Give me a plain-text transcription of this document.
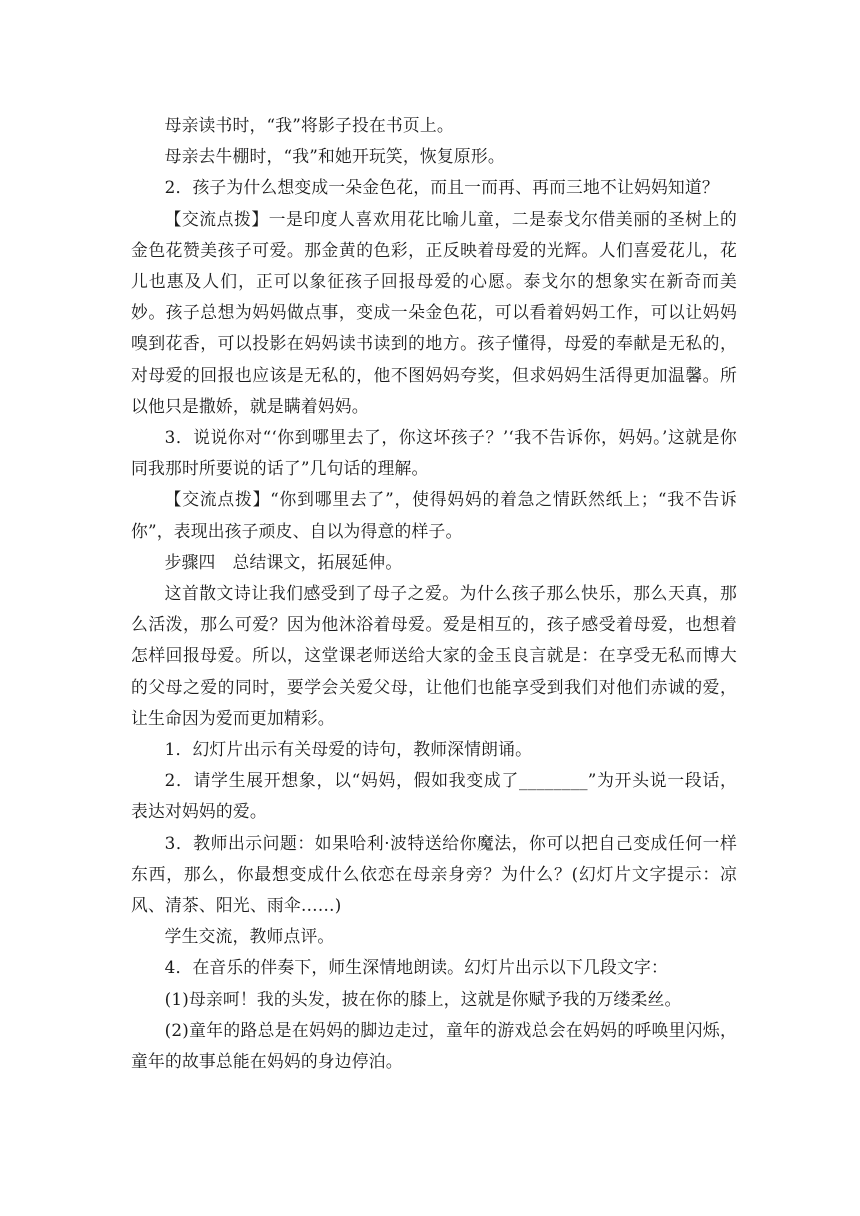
母亲读书时，“我”将影子投在书页上。

母亲去牛棚时，“我”和她开玩笑，恢复原形。

2．孩子为什么想变成一朵金色花，而且一而再、再而三地不让妈妈知道？

【交流点拨】一是印度人喜欢用花比喻儿童，二是泰戈尔借美丽的圣树上的金色花赞美孩子可爱。那金黄的色彩，正反映着母爱的光辉。人们喜爱花儿，花儿也惠及人们，正可以象征孩子回报母爱的心愿。泰戈尔的想象实在新奇而美妙。孩子总想为妈妈做点事，变成一朵金色花，可以看着妈妈工作，可以让妈妈嗅到花香，可以投影在妈妈读书读到的地方。孩子懂得，母爱的奉献是无私的，对母爱的回报也应该是无私的，他不图妈妈夸奖，但求妈妈生活得更加温馨。所以他只是撒娇，就是瞒着妈妈。

3．说说你对“‘你到哪里去了，你这坏孩子？’‘我不告诉你，妈妈。’这就是你同我那时所要说的话了”几句话的理解。

【交流点拨】“你到哪里去了”，使得妈妈的着急之情跃然纸上；“我不告诉你”，表现出孩子顽皮、自以为得意的样子。

步骤四　总结课文，拓展延伸。

这首散文诗让我们感受到了母子之爱。为什么孩子那么快乐，那么天真，那么活泼，那么可爱？因为他沐浴着母爱。爱是相互的，孩子感受着母爱，也想着怎样回报母爱。所以，这堂课老师送给大家的金玉良言就是：在享受无私而博大的父母之爱的同时，要学会关爱父母，让他们也能享受到我们对他们赤诚的爱，让生命因为爱而更加精彩。

1．幻灯片出示有关母爱的诗句，教师深情朗诵。

2．请学生展开想象，以“妈妈，假如我变成了________”为开头说一段话，表达对妈妈的爱。

3．教师出示问题：如果哈利·波特送给你魔法，你可以把自己变成任何一样东西，那么，你最想变成什么依恋在母亲身旁？为什么？(幻灯片文字提示：凉风、清茶、阳光、雨伞……)

学生交流，教师点评。

4．在音乐的伴奏下，师生深情地朗读。幻灯片出示以下几段文字：

(1)母亲呵！我的头发，披在你的膝上，这就是你赋予我的万缕柔丝。

(2)童年的路总是在妈妈的脚边走过，童年的游戏总会在妈妈的呼唤里闪烁，童年的故事总能在妈妈的身边停泊。
